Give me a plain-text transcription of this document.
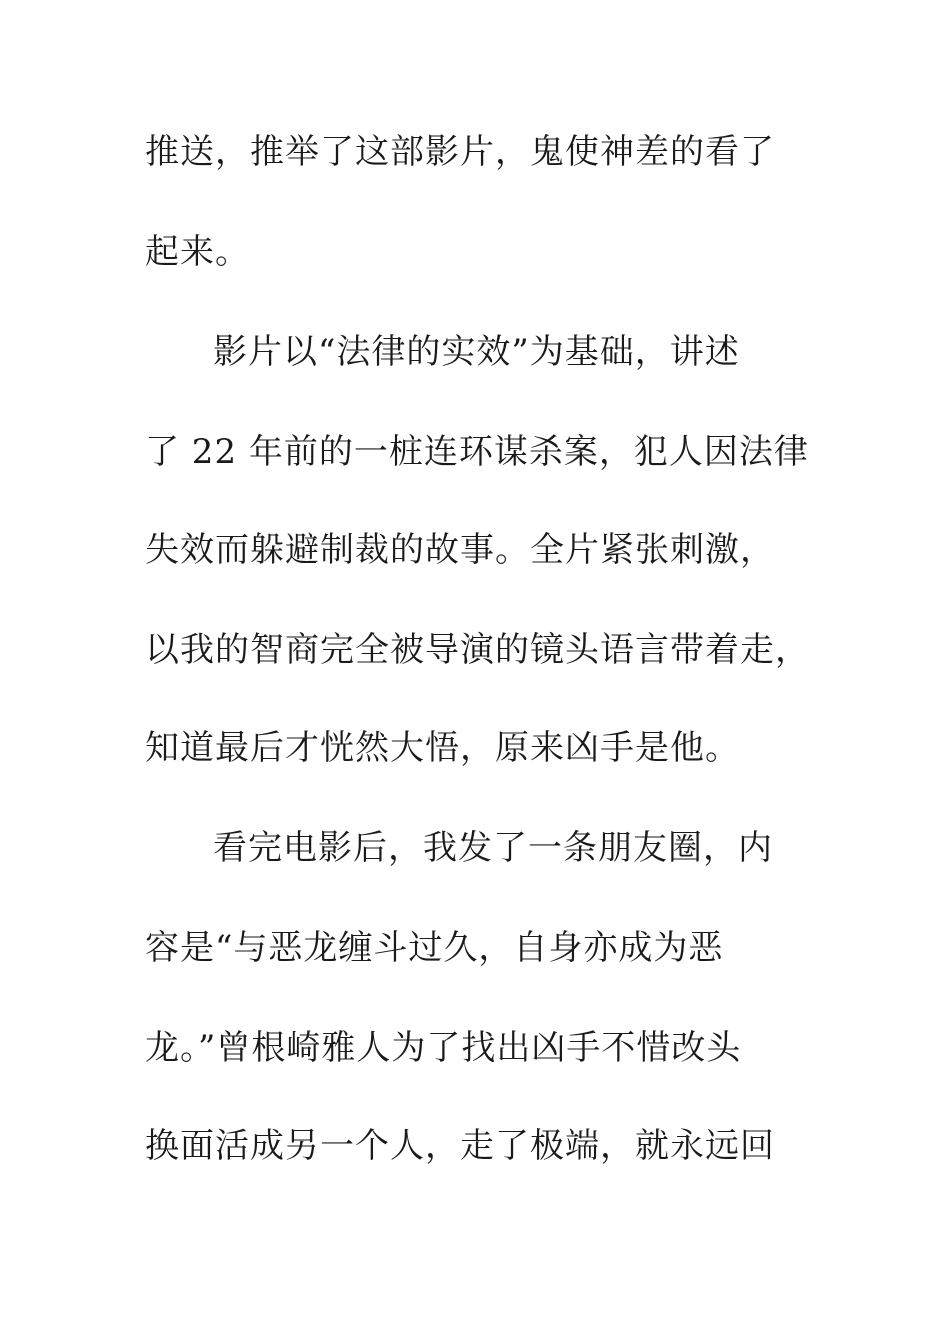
推送，推举了这部影片，鬼使神差的看了
起来。
影片以“法律的实效”为基础，讲述
了 22 年前的一桩连环谋杀案，犯人因法律
失效而躲避制裁的故事。全片紧张刺激，
以我的智商完全被导演的镜头语言带着走，
知道最后才恍然大悟，原来凶手是他。
看完电影后，我发了一条朋友圈，内
容是“与恶龙缠斗过久，自身亦成为恶
龙。”曾根崎雅人为了找出凶手不惜改头
换面活成另一个人，走了极端，就永远回
